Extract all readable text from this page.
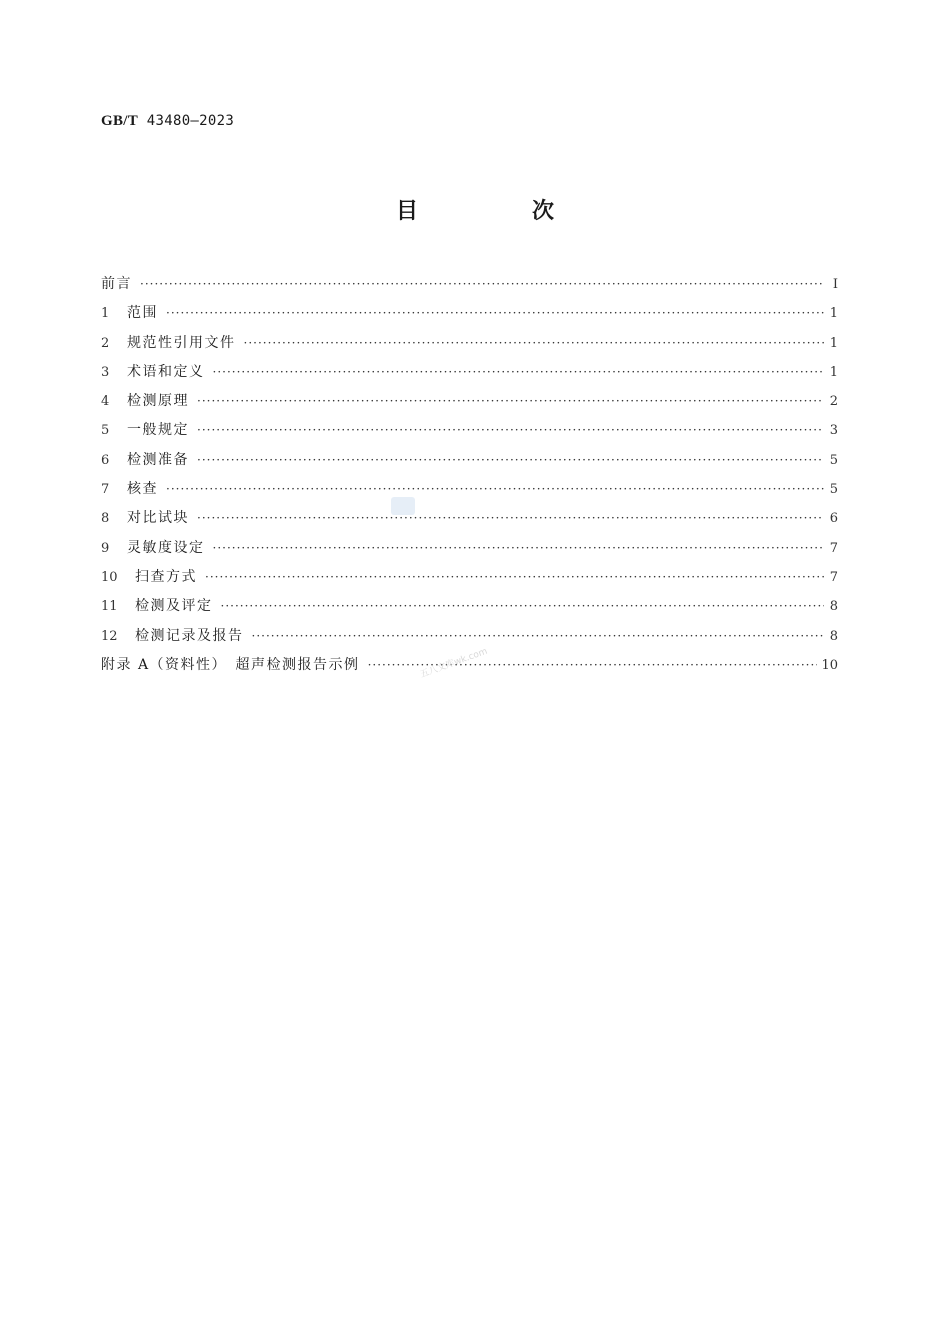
GB/T 43480—2023
目　次
前言 ·····	Ⅰ
1	范围 ·····	1
2	规范性引用文件 ·····	1
3	术语和定义 ·····	1
4	检测原理 ·····	2
5	一般规定 ·····	3
6	检测准备 ·····	5
7	核查 ·····	5
8	对比试块 ·····	6
9	灵敏度设定 ·····	7
10	扫查方式 ·····	7
11	检测及评定 ·····	8
12	检测记录及报告 ·····	8
附录 A（资料性）　超声检测报告示例 ·····	10
五八文库wk.com
